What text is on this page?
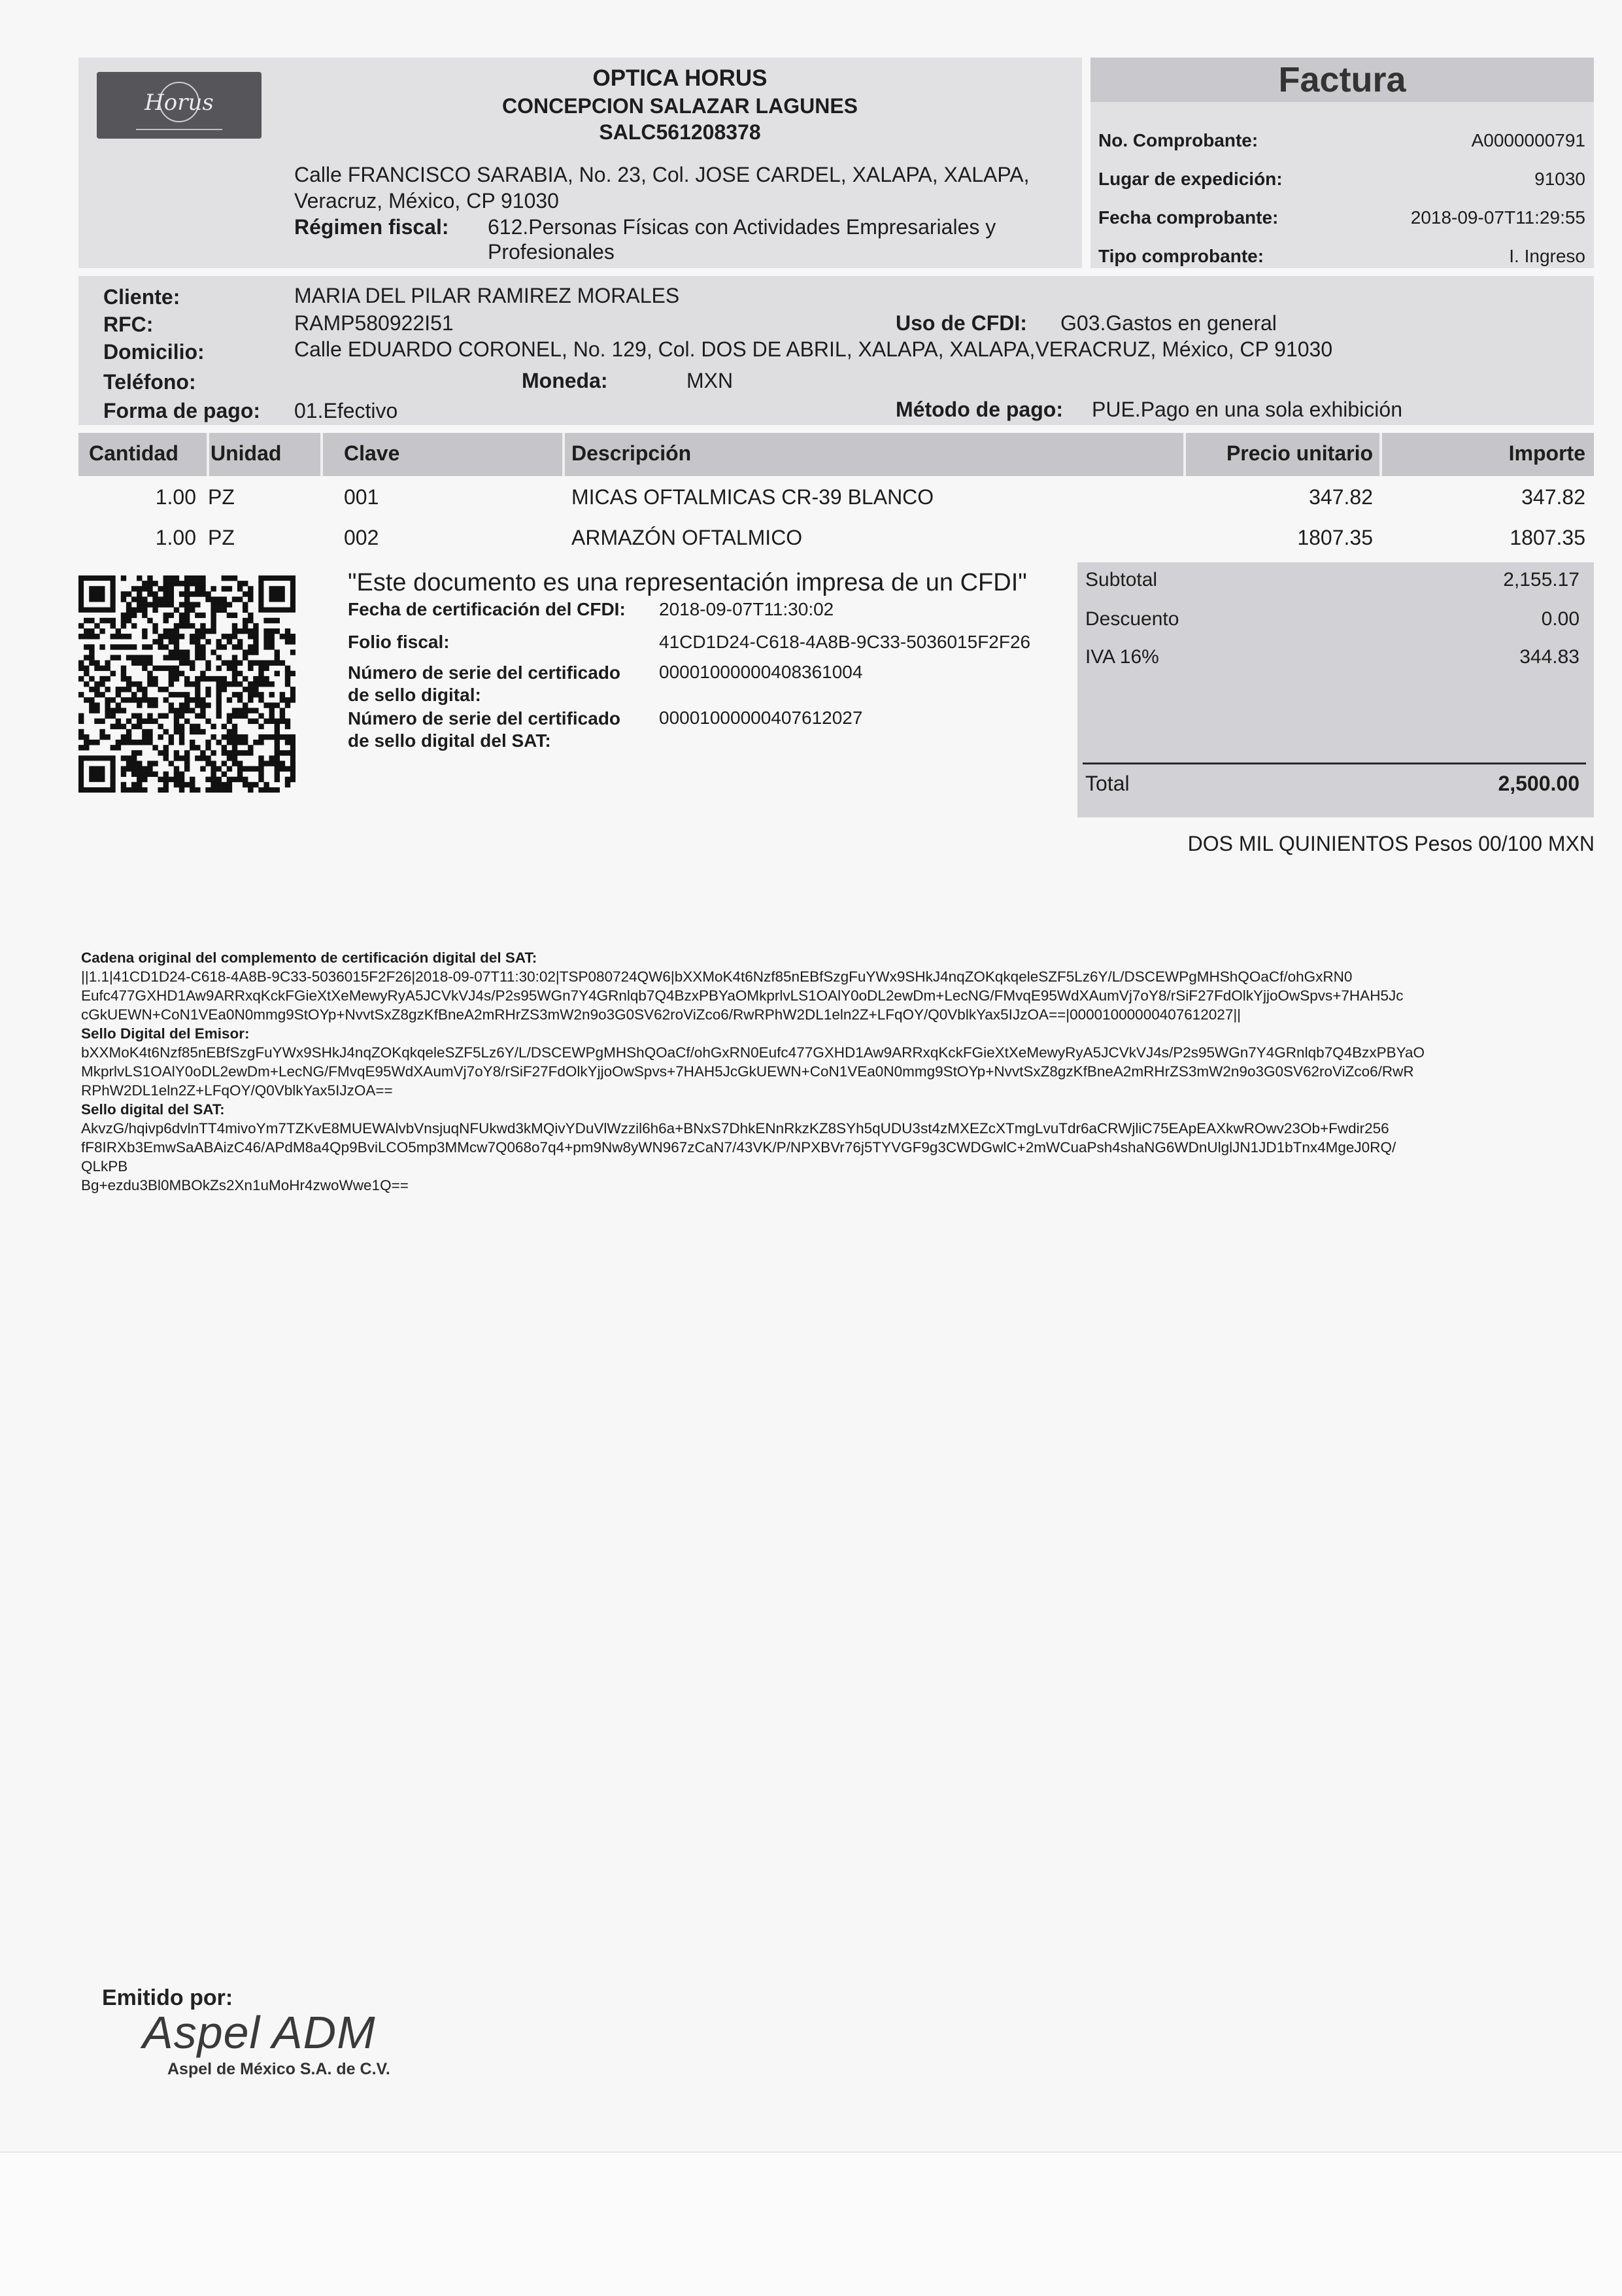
Factura
Horus
OPTICA HORUS
CONCEPCION SALAZAR LAGUNES
SALC561208378
Calle FRANCISCO SARABIA, No. 23, Col. JOSE CARDEL, XALAPA, XALAPA,
Veracruz, México, CP 91030
Régimen fiscal: 612.Personas Físicas con Actividades Empresariales y
Profesionales
No. Comprobante:	A0000000791
Lugar de expedición:	91030
Fecha comprobante:	2018-09-07T11:29:55
Tipo comprobante:	I. Ingreso
Cliente:	MARIA DEL PILAR RAMIREZ MORALES
RFC:	RAMP580922I51	Uso de CFDI: G03.Gastos en general
Domicilio:	Calle EDUARDO CORONEL, No. 129, Col. DOS DE ABRIL, XALAPA, XALAPA,VERACRUZ, México, CP 91030
Teléfono:	Moneda:	MXN
Forma de pago: 01.Efectivo	Método de pago: PUE.Pago en una sola exhibición
Cantidad Unidad	Clave	Descripción	Precio unitario	Importe
1.00 PZ	001	MICAS OFTALMICAS CR-39 BLANCO	347.82	347.82
1.00 PZ	002	ARMAZÓN OFTALMICO	1807.35	1807.35
"Este documento es una representación impresa de un CFDI"
Fecha de certificación del CFDI: 2018-09-07T11:30:02
Folio fiscal:	41CD1D24-C618-4A8B-9C33-5036015F2F26
Número de serie del certificado
de sello digital:
00001000000408361004
Número de serie del certificado
de sello digital del SAT:
00001000000407612027
Subtotal	2,155.17
Descuento	0.00
IVA 16%	344.83
Total	2,500.00
DOS MIL QUINIENTOS Pesos 00/100 MXN
Cadena original del complemento de certificación digital del SAT:
||1.1|41CD1D24-C618-4A8B-9C33-5036015F2F26|2018-09-07T11:30:02|TSP080724QW6|bXXMoK4t6Nzf85nEBfSzgFuYWx9SHkJ4nqZOKqkqeleSZF5Lz6Y/L/DSCEWPgMHShQOaCf/ohGxRN0
Eufc477GXHD1Aw9ARRxqKckFGieXtXeMewyRyA5JCVkVJ4s/P2s95WGn7Y4GRnlqb7Q4BzxPBYaOMkprlvLS1OAlY0oDL2ewDm+LecNG/FMvqE95WdXAumVj7oY8/rSiF27FdOlkYjjoOwSpvs+7HAH5Jc
cGkUEWN+CoN1VEa0N0mmg9StOYp+NvvtSxZ8gzKfBneA2mRHrZS3mW2n9o3G0SV62roViZco6/RwRPhW2DL1eln2Z+LFqOY/Q0VblkYax5IJzOA==|00001000000407612027||
Sello Digital del Emisor:
bXXMoK4t6Nzf85nEBfSzgFuYWx9SHkJ4nqZOKqkqeleSZF5Lz6Y/L/DSCEWPgMHShQOaCf/ohGxRN0Eufc477GXHD1Aw9ARRxqKckFGieXtXeMewyRyA5JCVkVJ4s/P2s95WGn7Y4GRnlqb7Q4BzxPBYaO
MkprlvLS1OAlY0oDL2ewDm+LecNG/FMvqE95WdXAumVj7oY8/rSiF27FdOlkYjjoOwSpvs+7HAH5JcGkUEWN+CoN1VEa0N0mmg9StOYp+NvvtSxZ8gzKfBneA2mRHrZS3mW2n9o3G0SV62roViZco6/RwR
RPhW2DL1eln2Z+LFqOY/Q0VblkYax5IJzOA==
Sello digital del SAT:
AkvzG/hqivp6dvlnTT4mivoYm7TZKvE8MUEWAlvbVnsjuqNFUkwd3kMQivYDuVlWzzil6h6a+BNxS7DhkENnRkzKZ8SYh5qUDU3st4zMXEZcXTmgLvuTdr6aCRWjliC75EApEAXkwROwv23Ob+Fwdir256
fF8IRXb3EmwSaABAizC46/APdM8a4Qp9BviLCO5mp3MMcw7Q068o7q4+pm9Nw8yWN967zCaN7/43VK/P/NPXBVr76j5TYVGF9g3CWDGwlC+2mWCuaPsh4shaNG6WDnUlglJN1JD1bTnx4MgeJ0RQ/
QLkPB
Bg+ezdu3Bl0MBOkZs2Xn1uMoHr4zwoWwe1Q==
Emitido por:
Aspel ADM
Aspel de México S.A. de C.V.
